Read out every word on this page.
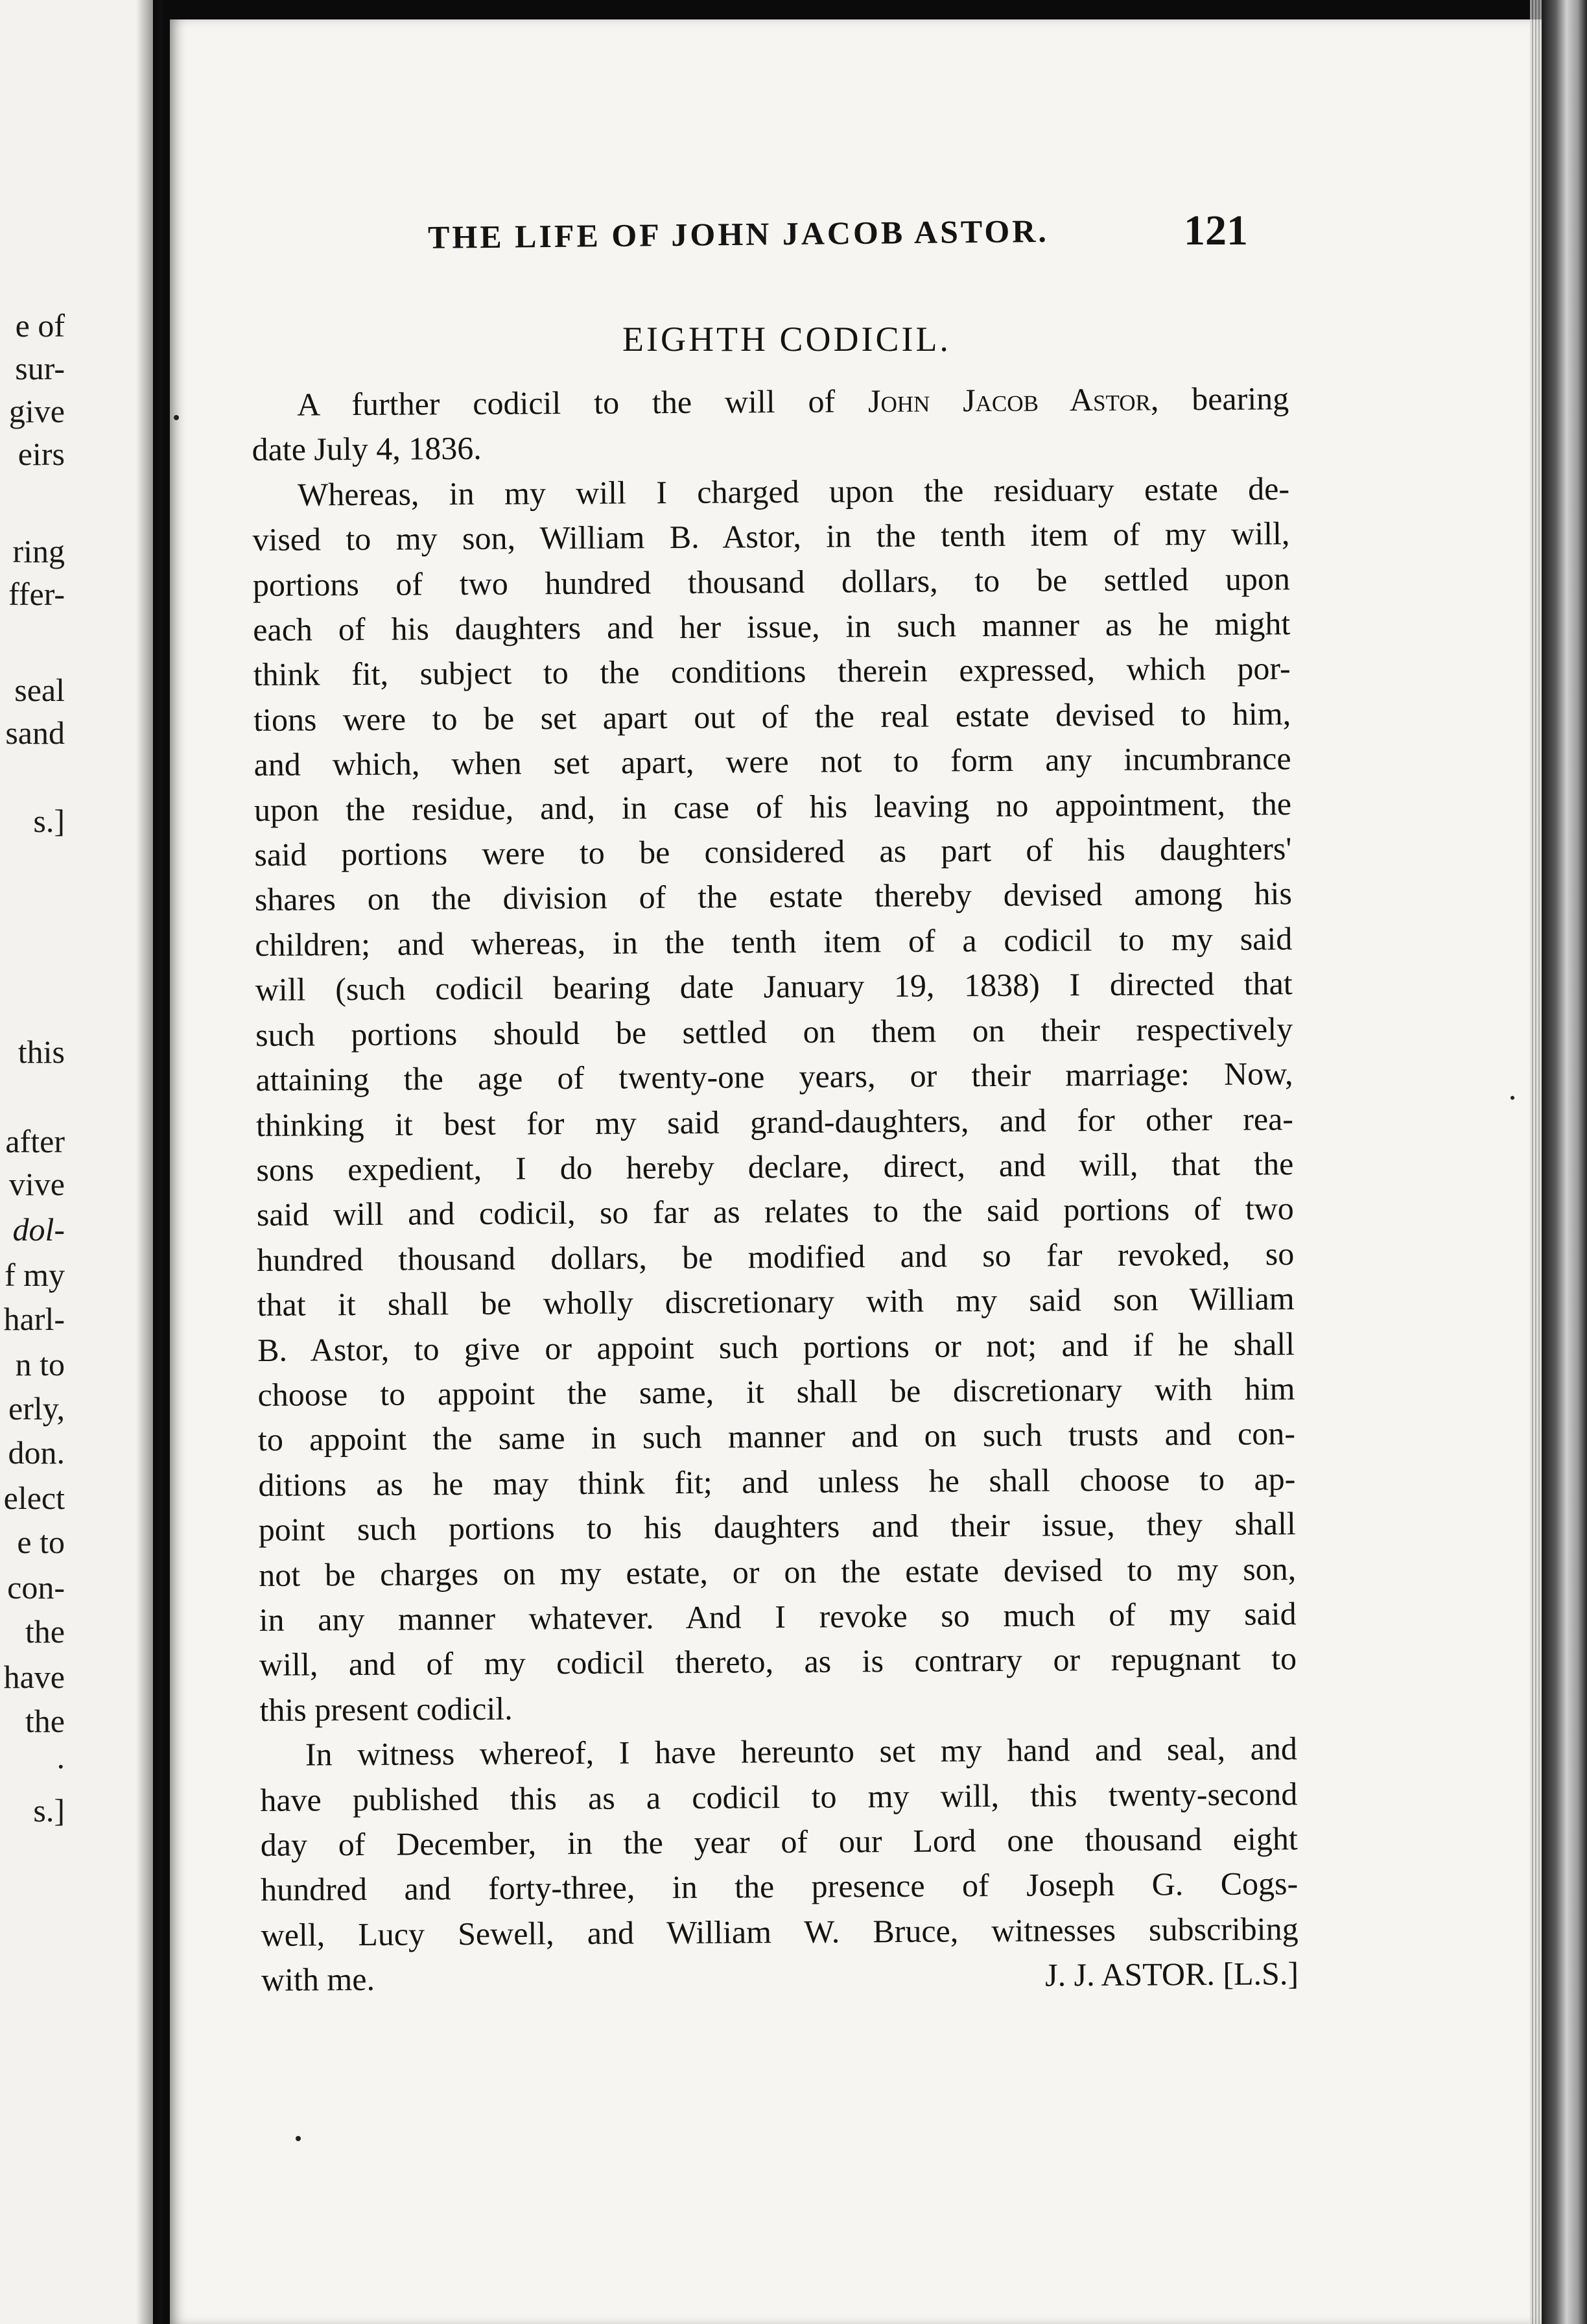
e of
sur-
give
eirs
ring
ffer-
seal
sand
s.]
this
after
vive
dol-
f my
harl-
n to
erly,
don.
elect
e to
con-
the
have
the
.
s.]
THE LIFE OF JOHN JACOB ASTOR.	121
EIGHTH CODICIL.
A further codicil to the will of John Jacob Astor, bearing
date July 4, 1836.
Whereas, in my will I charged upon the residuary estate de-
vised to my son, William B. Astor, in the tenth item of my will,
portions of two hundred thousand dollars, to be settled upon
each of his daughters and her issue, in such manner as he might
think fit, subject to the conditions therein expressed, which por-
tions were to be set apart out of the real estate devised to him,
and which, when set apart, were not to form any incumbrance
upon the residue, and, in case of his leaving no appointment, the
said portions were to be considered as part of his daughters'
shares on the division of the estate thereby devised among his
children; and whereas, in the tenth item of a codicil to my said
will (such codicil bearing date January 19, 1838) I directed that
such portions should be settled on them on their respectively
attaining the age of twenty-one years, or their marriage: Now,
thinking it best for my said grand-daughters, and for other rea-
sons expedient, I do hereby declare, direct, and will, that the
said will and codicil, so far as relates to the said portions of two
hundred thousand dollars, be modified and so far revoked, so
that it shall be wholly discretionary with my said son William
B. Astor, to give or appoint such portions or not; and if he shall
choose to appoint the same, it shall be discretionary with him
to appoint the same in such manner and on such trusts and con-
ditions as he may think fit; and unless he shall choose to ap-
point such portions to his daughters and their issue, they shall
not be charges on my estate, or on the estate devised to my son,
in any manner whatever. And I revoke so much of my said
will, and of my codicil thereto, as is contrary or repugnant to
this present codicil.
In witness whereof, I have hereunto set my hand and seal, and
have published this as a codicil to my will, this twenty-second
day of December, in the year of our Lord one thousand eight
hundred and forty-three, in the presence of Joseph G. Cogs-
well, Lucy Sewell, and William W. Bruce, witnesses subscribing
with me.	J. J. ASTOR. [L.S.]
